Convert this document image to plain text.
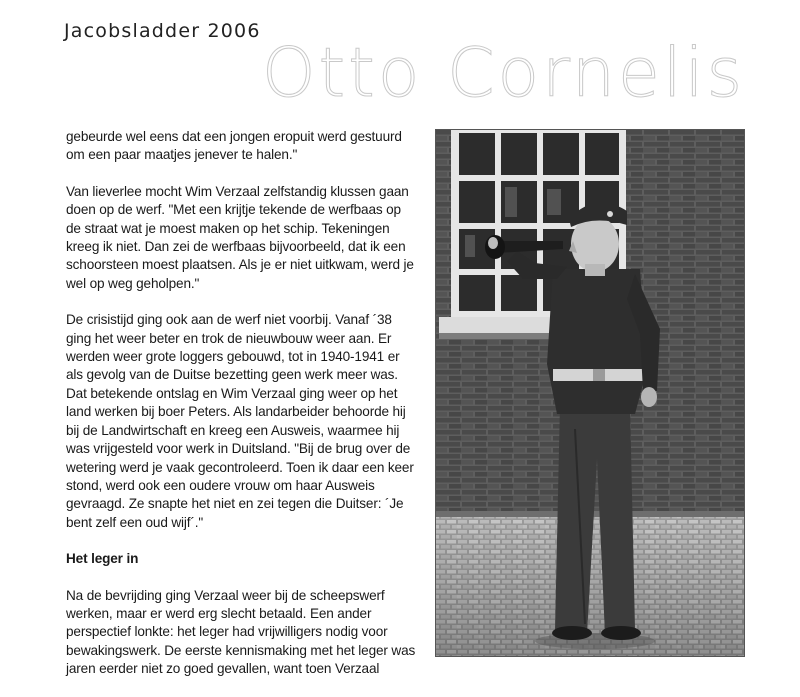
Jacobsladder 2006
Otto Cornelis

gebeurde wel eens dat een jongen eropuit werd gestuurd om een paar maatjes jenever te halen."

Van lieverlee mocht Wim Verzaal zelfstandig klussen gaan doen op de werf. "Met een krijtje tekende de werfbaas op de straat wat je moest maken op het schip. Tekeningen kreeg ik niet. Dan zei de werfbaas bijvoorbeeld, dat ik een schoorsteen moest plaatsen. Als je er niet uitkwam, werd je wel op weg geholpen."

De crisistijd ging ook aan de werf niet voorbij. Vanaf ´38 ging het weer beter en trok de nieuwbouw weer aan. Er werden weer grote loggers gebouwd, tot in 1940-1941 er als gevolg van de Duitse bezetting geen werk meer was. Dat betekende ontslag en Wim Verzaal ging weer op het land werken bij boer Peters. Als landarbeider behoorde hij bij de Landwirtschaft en kreeg een Ausweis, waarmee hij was vrijgesteld voor werk in Duitsland. "Bij de brug over de wetering werd je vaak gecontroleerd. Toen ik daar een keer stond, werd ook een oudere vrouw om haar Ausweis gevraagd. Ze snapte het niet en zei tegen die Duitser: ´Je bent zelf een oud wijf´."

Het leger in

Na de bevrijding ging Verzaal weer bij de scheepswerf werken, maar er werd erg slecht betaald. Een ander perspectief lonkte: het leger had vrijwilligers nodig voor bewakingswerk. De eerste kennismaking met het leger was jaren eerder niet zo goed gevallen, want toen Verzaal
